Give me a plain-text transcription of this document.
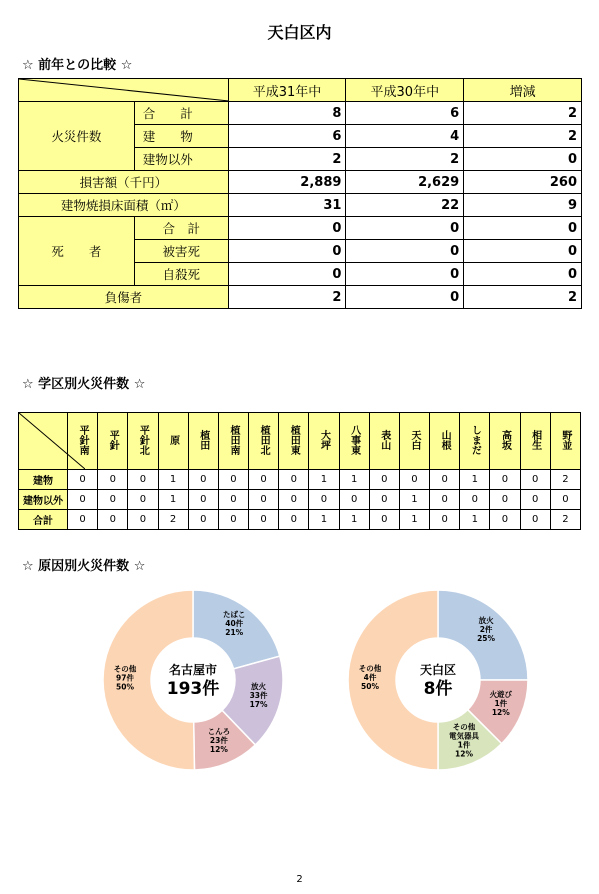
天白区内
☆ 前年との比較 ☆
	平成31年中	平成30年中	増減
火災件数	合　　計	8	6	2
	建　　物	6	4	2
	建物以外	2	2	0
損害額（千円）		2,889	2,629	260
建物焼損床面積（㎡）		31	22	9
死　　者	合　計	0	0	0
	被害死	0	0	0
	自殺死	0	0	0
負傷者		2	0	2
☆ 学区別火災件数 ☆
	平針南	平針	平針北	原	植田	植田南	植田北	植田東	大坪	八事東	表山	天白	山根	しまだ	高坂	相生	野並
建物	0	0	0	1	0	0	0	0	1	1	0	0	0	1	0	0	2
建物以外	0	0	0	1	0	0	0	0	0	0	0	1	0	0	0	0	0
合計	0	0	0	2	0	0	0	0	1	1	0	1	0	1	0	0	2
☆ 原因別火災件数 ☆
たばこ
40件
21%
放火
33件
17%
こんろ
23件
12%
その他
97件
50%
名古屋市
193件
放火
2件
25%
火遊び
1件
12%
その他
電気器具
1件
12%
その他
4件
50%
天白区
8件
2
